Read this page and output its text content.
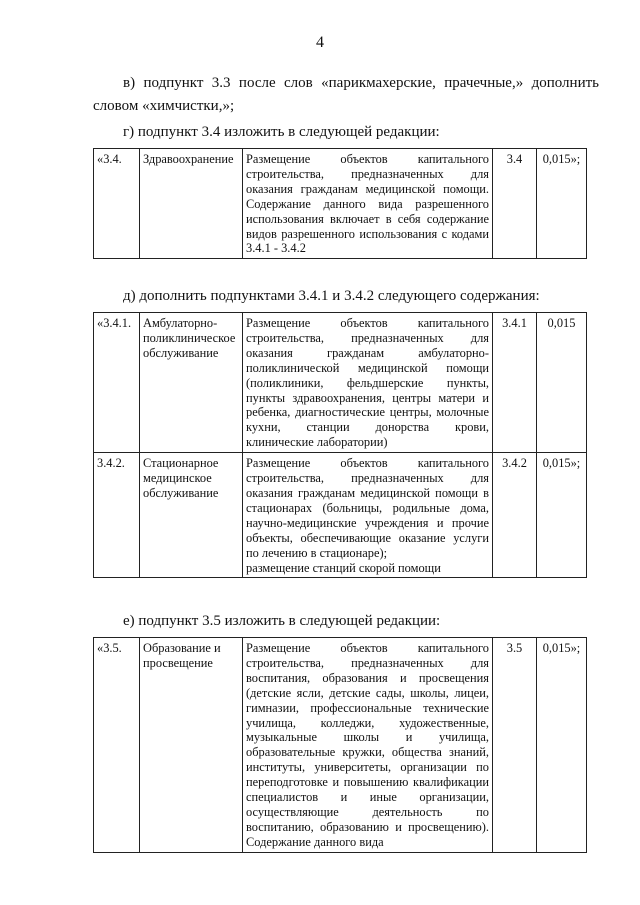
4
в) подпункт 3.3 после слов «парикмахерские, прачечные,» дополнить
словом «химчистки,»;
г) подпункт 3.4 изложить в следующей редакции:
«3.4.	Здравоохранение	Размещение объектов капитального строительства, предназначенных для оказания гражданам медицинской помощи. Содержание данного вида разрешенного использования включает в себя содержание видов разрешенного использования с кодами 3.4.1 - 3.4.2	3.4	0,015»;
д) дополнить подпунктами 3.4.1 и 3.4.2 следующего содержания:
«3.4.1.	Амбулаторно-поликлиническое обслуживание	Размещение объектов капитального строительства, предназначенных для оказания гражданам амбулаторно-поликлинической медицинской помощи (поликлиники, фельдшерские пункты, пункты здравоохранения, центры матери и ребенка, диагностические центры, молочные кухни, станции донорства крови, клинические лаборатории)	3.4.1	0,015
3.4.2.	Стационарное медицинское обслуживание	Размещение объектов капитального строительства, предназначенных для оказания гражданам медицинской помощи в стационарах (больницы, родильные дома, научно-медицинские учреждения и прочие объекты, обеспечивающие оказание услуги по лечению в стационаре);
размещение станций скорой помощи	3.4.2	0,015»;
е) подпункт 3.5 изложить в следующей редакции:
«3.5.	Образование и просвещение	Размещение объектов капитального строительства, предназначенных для воспитания, образования и просвещения (детские ясли, детские сады, школы, лицеи, гимназии, профессиональные технические училища, колледжи, художественные, музыкальные школы и училища, образовательные кружки, общества знаний, институты, университеты, организации по переподготовке и повышению квалификации специалистов и иные организации, осуществляющие деятельность по воспитанию, образованию и просвещению). Содержание данного вида	3.5	0,015»;
